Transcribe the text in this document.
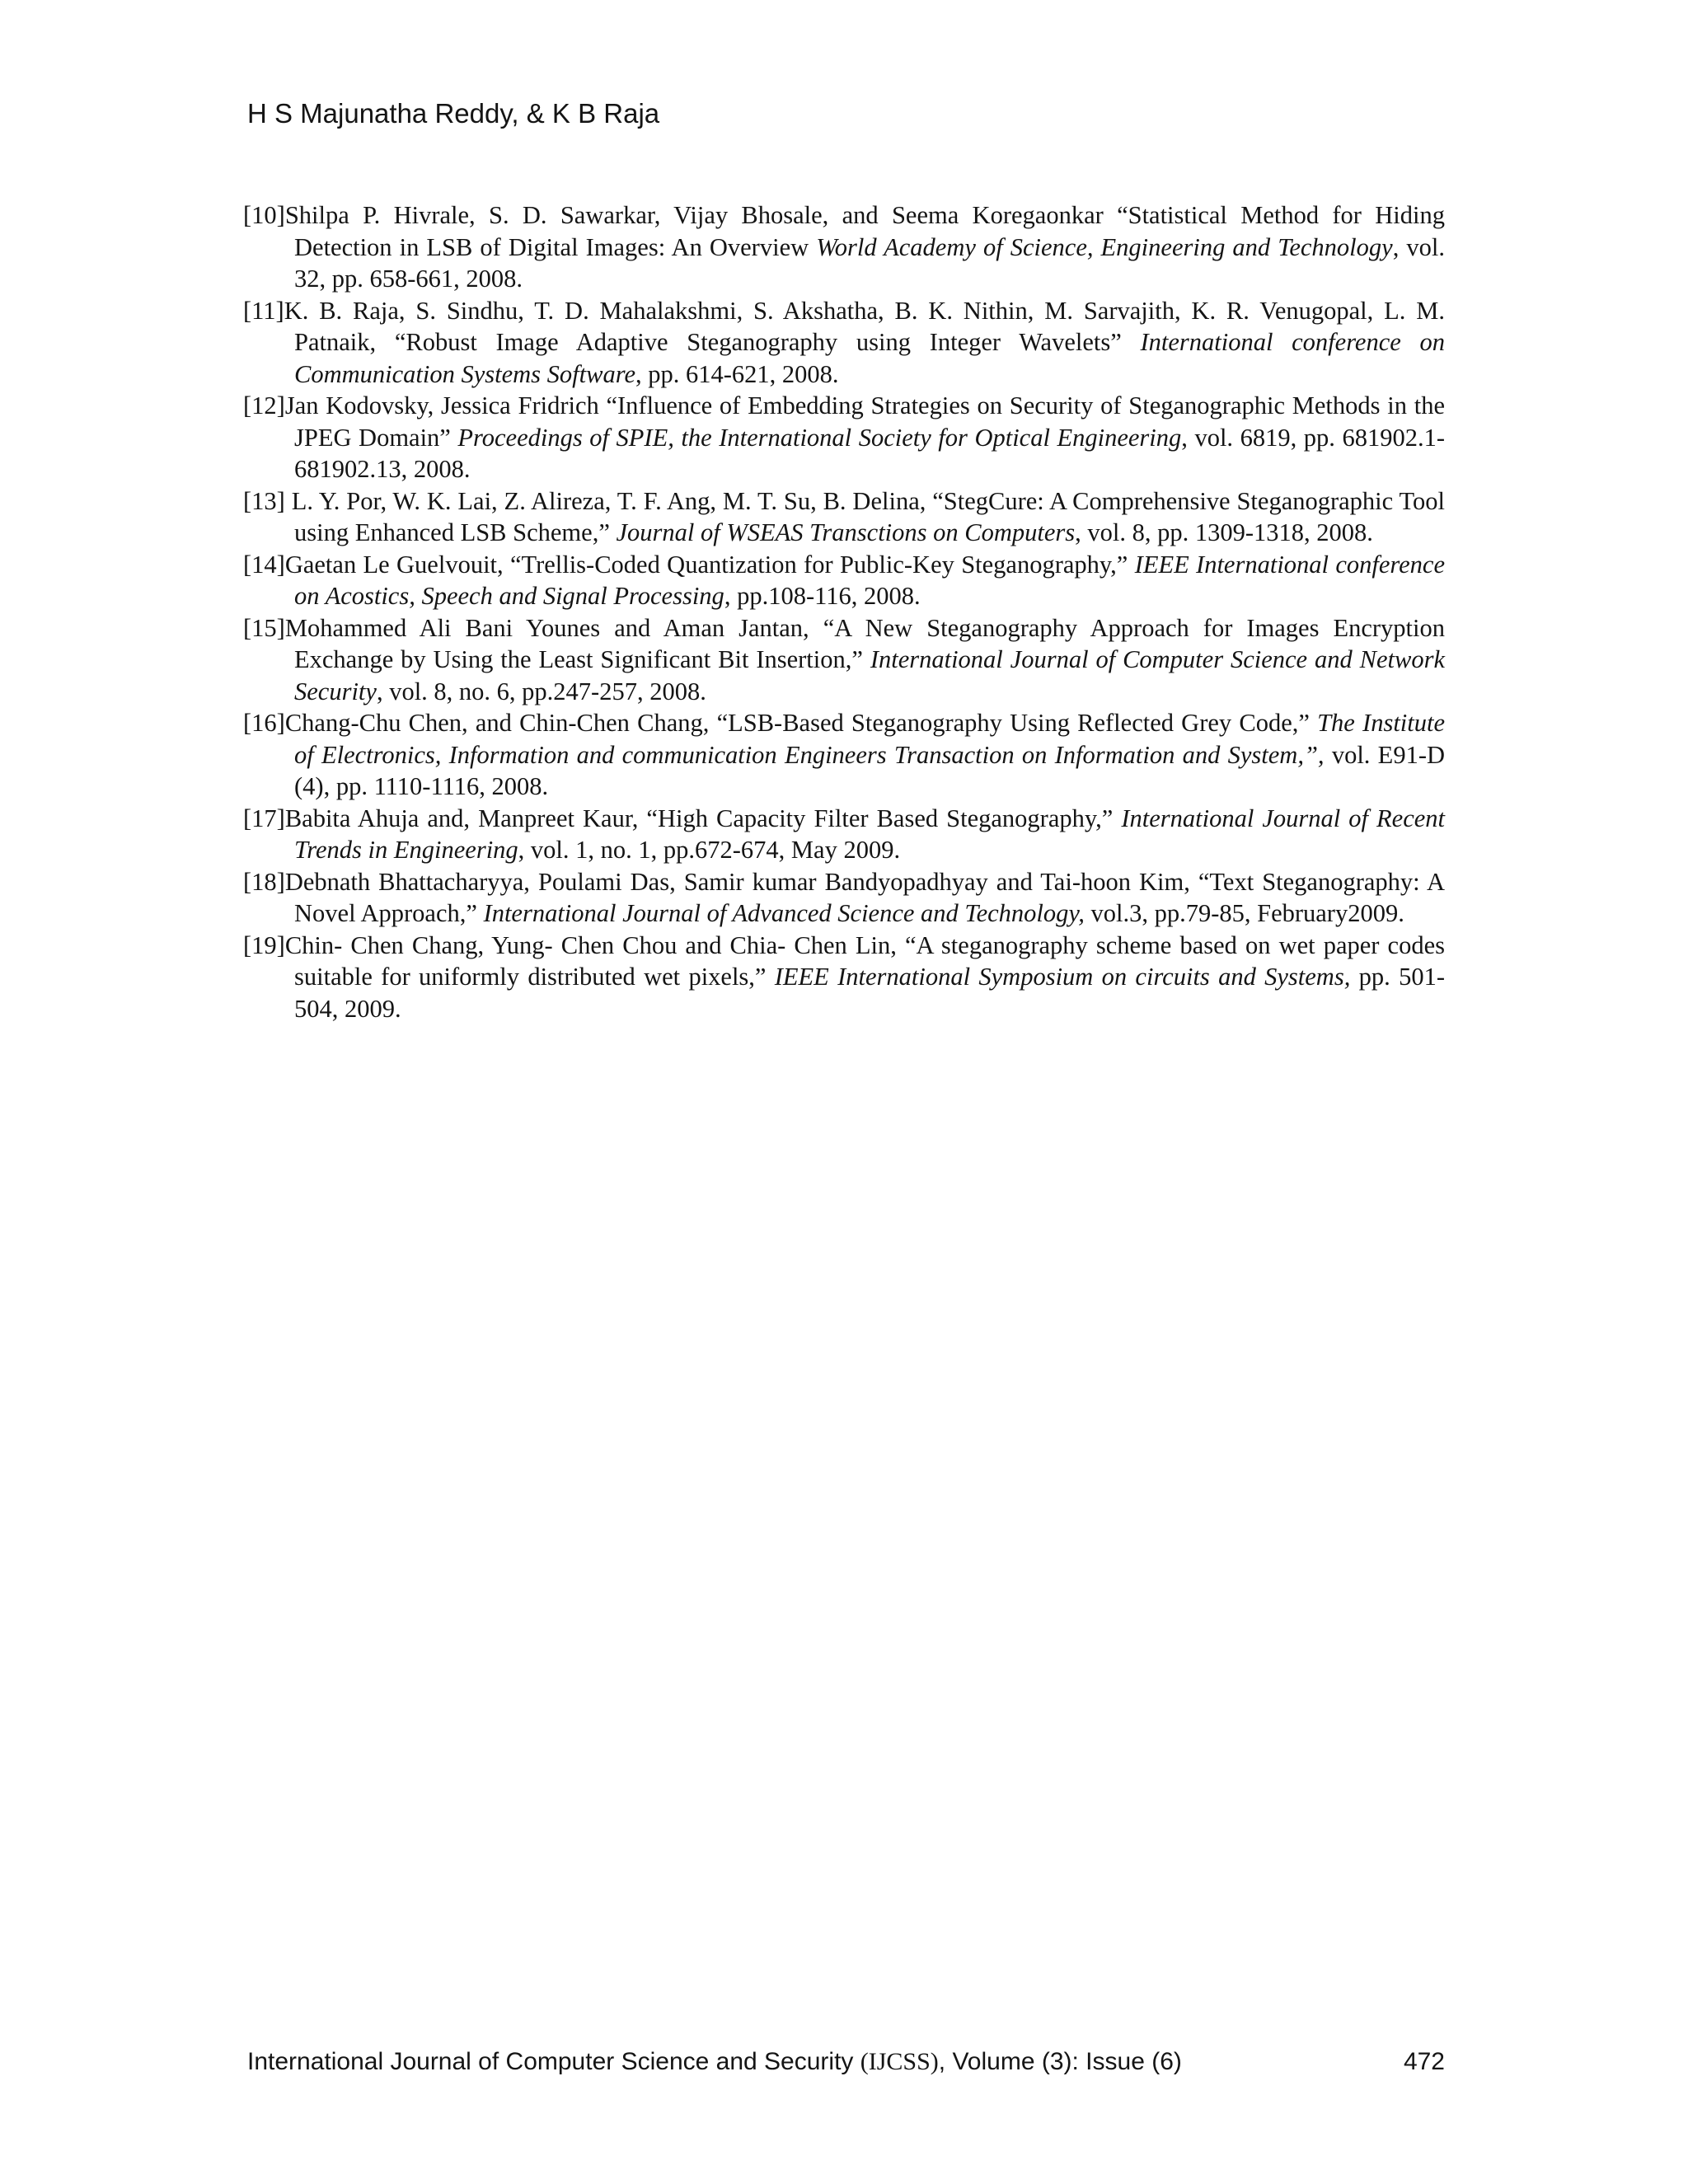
H S Majunatha Reddy, & K B Raja

[10]Shilpa P. Hivrale, S. D. Sawarkar, Vijay Bhosale, and Seema Koregaonkar “Statistical Method for Hiding Detection in LSB of Digital Images: An Overview World Academy of Science, Engineering and Technology, vol. 32, pp. 658-661, 2008.

[11]K. B. Raja, S. Sindhu, T. D. Mahalakshmi, S. Akshatha, B. K. Nithin, M. Sarvajith, K. R. Venugopal, L. M. Patnaik, “Robust Image Adaptive Steganography using Integer Wavelets” International conference on Communication Systems Software, pp. 614-621, 2008.

[12]Jan Kodovsky, Jessica Fridrich “Influence of Embedding Strategies on Security of Steganographic Methods in the JPEG Domain” Proceedings of SPIE, the International Society for Optical Engineering, vol. 6819, pp. 681902.1-681902.13, 2008.

[13] L. Y. Por, W. K. Lai, Z. Alireza, T. F. Ang, M. T. Su, B. Delina, “StegCure: A Comprehensive Steganographic Tool using Enhanced LSB Scheme,” Journal of WSEAS Transctions on Computers, vol. 8, pp. 1309-1318, 2008.

[14]Gaetan Le Guelvouit, “Trellis-Coded Quantization for Public-Key Steganography,” IEEE International conference on Acostics, Speech and Signal Processing, pp.108-116, 2008.

[15]Mohammed Ali Bani Younes and Aman Jantan, “A New Steganography Approach for Images Encryption Exchange by Using the Least Significant Bit Insertion,” International Journal of Computer Science and Network Security, vol. 8, no. 6, pp.247-257, 2008.

[16]Chang-Chu Chen, and Chin-Chen Chang, “LSB-Based Steganography Using Reflected Grey Code,” The Institute of Electronics, Information and communication Engineers Transaction on Information and System,”, vol. E91-D (4), pp. 1110-1116, 2008.

[17]Babita Ahuja and, Manpreet Kaur, “High Capacity Filter Based Steganography,” International Journal of Recent Trends in Engineering, vol. 1, no. 1, pp.672-674, May 2009.

[18]Debnath Bhattacharyya, Poulami Das, Samir kumar Bandyopadhyay and Tai-hoon Kim, “Text Steganography: A Novel Approach,” International Journal of Advanced Science and Technology, vol.3, pp.79-85, February2009.

[19]Chin- Chen Chang, Yung- Chen Chou and Chia- Chen Lin, “A steganography scheme based on wet paper codes suitable for uniformly distributed wet pixels,” IEEE International Symposium on circuits and Systems, pp. 501-504, 2009.

International Journal of Computer Science and Security (IJCSS), Volume (3): Issue (6)	472
